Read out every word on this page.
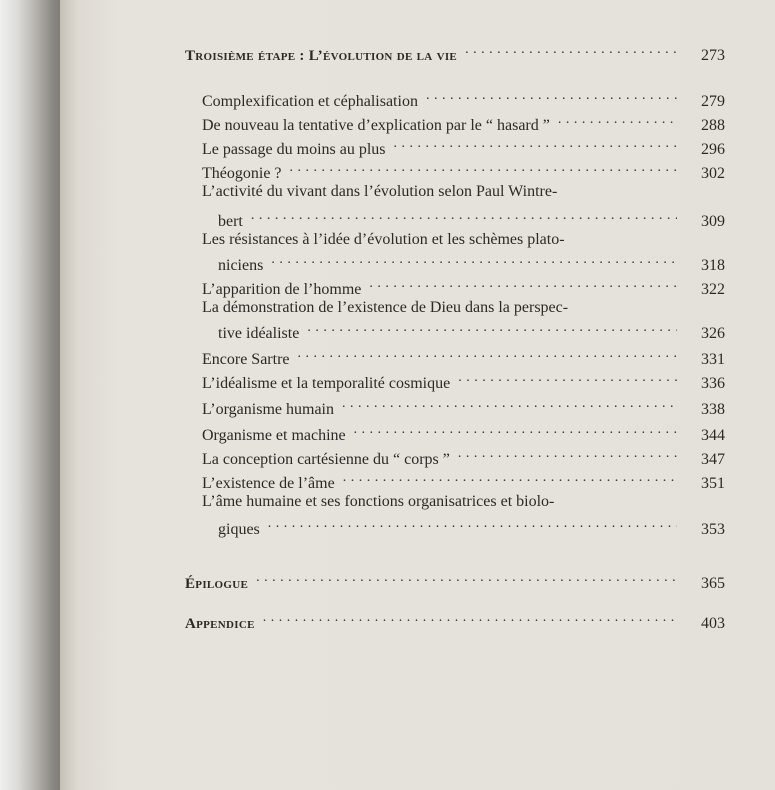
Troisième étape : L’évolution de la vie . . .	273
Complexification et céphalisation . . .	279
De nouveau la tentative d’explication par le “ hasard ” . . .	288
Le passage du moins au plus . . .	296
Théogonie ? . . .	302
L’activité du vivant dans l’évolution selon Paul Wintre-
bert . . .	309
Les résistances à l’idée d’évolution et les schèmes plato-
niciens . . .	318
L’apparition de l’homme . . .	322
La démonstration de l’existence de Dieu dans la perspec-
tive idéaliste . . .	326
Encore Sartre . . .	331
L’idéalisme et la temporalité cosmique . . .	336
L’organisme humain . . .	338
Organisme et machine . . .	344
La conception cartésienne du “ corps ” . . .	347
L’existence de l’âme . . .	351
L’âme humaine et ses fonctions organisatrices et biolo-
giques . . .	353
Épilogue . . .	365
Appendice . . .	403
